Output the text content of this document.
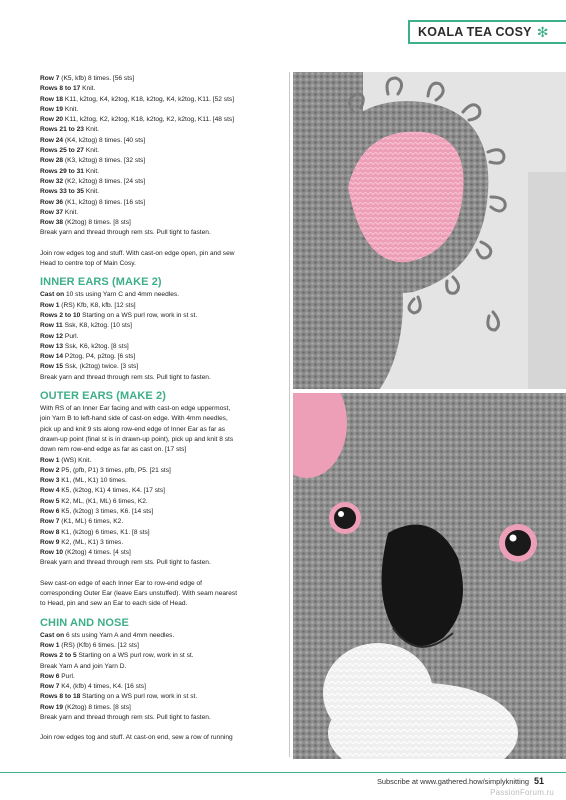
KOALA TEA COSY ✻
Row 7 (K5, kfb) 8 times. [56 sts]
Rows 8 to 17 Knit.
Row 18 K11, k2tog, K4, k2tog, K18, k2tog, K4, k2tog, K11. [52 sts]
Row 19 Knit.
Row 20 K11, k2tog, K2, k2tog, K18, k2tog, K2, k2tog, K11. [48 sts]
Rows 21 to 23 Knit.
Row 24 (K4, k2tog) 8 times. [40 sts]
Rows 25 to 27 Knit.
Row 28 (K3, k2tog) 8 times. [32 sts]
Rows 29 to 31 Knit.
Row 32 (K2, k2tog) 8 times. [24 sts]
Rows 33 to 35 Knit.
Row 36 (K1, k2tog) 8 times. [16 sts]
Row 37 Knit.
Row 38 (K2tog) 8 times. [8 sts]
Break yarn and thread through rem sts. Pull tight to fasten.
Join row edges tog and stuff. With cast-on edge open, pin and sew
Head to centre top of Main Cosy.
INNER EARS (MAKE 2)
Cast on 10 sts using Yarn C and 4mm needles.
Row 1 (RS) Kfb, K8, kfb. [12 sts]
Rows 2 to 10 Starting on a WS purl row, work in st st.
Row 11 Ssk, K8, k2tog. [10 sts]
Row 12 Purl.
Row 13 Ssk, K6, k2tog. [8 sts]
Row 14 P2tog, P4, p2tog. [6 sts]
Row 15 Ssk, (k2tog) twice. [3 sts]
Break yarn and thread through rem sts. Pull tight to fasten.
OUTER EARS (MAKE 2)
With RS of an Inner Ear facing and with cast-on edge uppermost,
join Yarn B to left-hand side of cast-on edge. With 4mm needles,
pick up and knit 9 sts along row-end edge of Inner Ear as far as
drawn-up point (final st is in drawn-up point), pick up and knit 8 sts
down rem row-end edge as far as cast on. [17 sts]
Row 1 (WS) Knit.
Row 2 P5, (pfb, P1) 3 times, pfb, P5. [21 sts]
Row 3 K1, (ML, K1) 10 times.
Row 4 K5, (k2tog, K1) 4 times, K4. [17 sts]
Row 5 K2, ML, (K1, ML) 6 times, K2.
Row 6 K5, (k2tog) 3 times, K6. [14 sts]
Row 7 (K1, ML) 6 times, K2.
Row 8 K1, (k2tog) 6 times, K1. [8 sts]
Row 9 K2, (ML, K1) 3 times.
Row 10 (K2tog) 4 times. [4 sts]
Break yarn and thread through rem sts. Pull tight to fasten.
Sew cast-on edge of each Inner Ear to row-end edge of
corresponding Outer Ear (leave Ears unstuffed). With seam nearest
to Head, pin and sew an Ear to each side of Head.
CHIN AND NOSE
Cast on 6 sts using Yarn A and 4mm needles.
Row 1 (RS) (Kfb) 6 times. [12 sts]
Rows 2 to 5 Starting on a WS purl row, work in st st.
Break Yarn A and join Yarn D.
Row 6 Purl.
Row 7 K4, (kfb) 4 times, K4. [16 sts]
Rows 8 to 18 Starting on a WS purl row, work in st st.
Row 19 (K2tog) 8 times. [8 sts]
Break yarn and thread through rem sts. Pull tight to fasten.
Join row edges tog and stuff. At cast-on end, sew a row of running
Subscribe at www.gathered.how/simplyknitting 51
PassionForum.ru
